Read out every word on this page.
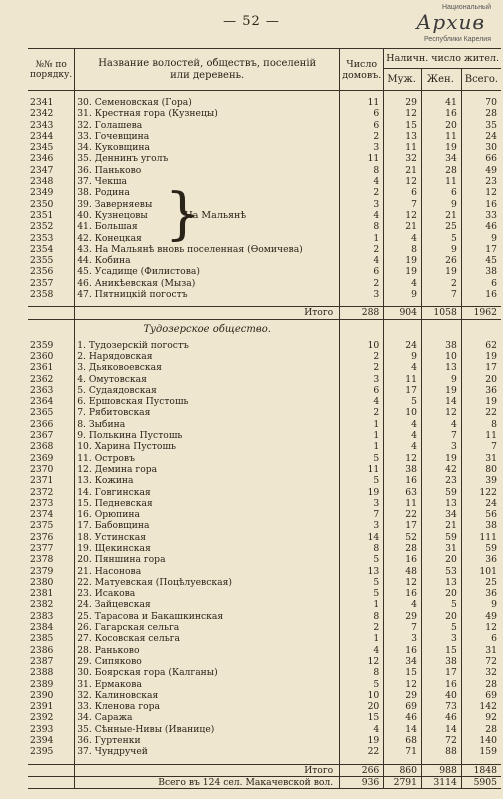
— 52 —
Национальный
Архив
Республики Карелия
№№ по порядку.	Название волостей, обществъ, поселеній или деревень.	Число домовъ.	Наличн. число жител.		
			Муж.	Жен.	Всего.

2341	30. Семеновская (Гора)	11	29	41	70
2342	31. Крестная гора (Кузнецы)	6	12	16	28
2343	32. Голашева	6	15	20	35
2344	33. Гочевщина	2	13	11	24
2345	34. Куковщина	3	11	19	30
2346	35. Деннинъ уголъ	11	32	34	66
2347	36. Паньково	8	21	28	49
2348	37. Чекша	4	12	11	23
2349	38. Родина	2	6	6	12
2350	39. Заверняевы	3	7	9	16
2351	40. Кузнецовы	4	12	21	33
2352	41. Большая	8	21	25	46
2353	42. Конецкая	1	4	5	9
2354	43. На Мальянѣ вновь поселенная (Ѳомичева)	2	8	9	17
2355	44. Кобина	4	19	26	45
2356	45. Усадище (Филистова)	6	19	19	38
2357	46. Аникѣевская (Мыза)	2	4	2	6
2358	47. Пятницкій погостъ	3	9	7	16

	Итого	288	904	1058	1962
	Тудозерское общество.				
2359	1. Тудозерскій погостъ	10	24	38	62
2360	2. Нарядовская	2	9	10	19
2361	3. Дьяковоевская	2	4	13	17
2362	4. Омутовская	3	11	9	20
2363	5. Судаядовская	6	17	19	36
2364	6. Ершовская Пустошь	4	5	14	19
2365	7. Рябитовская	2	10	12	22
2366	8. Зыбина	1	4	4	8
2367	9. Полькина Пустошь	1	4	7	11
2368	10. Харина Пустошь	1	4	3	7
2369	11. Островъ	5	12	19	31
2370	12. Демина гора	11	38	42	80
2371	13. Кожина	5	16	23	39
2372	14. Говгинская	19	63	59	122
2373	15. Педневская	3	11	13	24
2374	16. Орюпина	7	22	34	56
2375	17. Бабовщина	3	17	21	38
2376	18. Устинская	14	52	59	111
2377	19. Щекинская	8	28	31	59
2378	20. Пяншина гора	5	16	20	36
2379	21. Насонова	13	48	53	101
2380	22. Матуевская (Поцѣлуевская)	5	12	13	25
2381	23. Исакова	5	16	20	36
2382	24. Зайцевская	1	4	5	9
2383	25. Тарасова и Бакашкинская	8	29	20	49
2384	26. Гагарская сельга	2	7	5	12
2385	27. Косовская сельга	1	3	3	6
2386	28. Раньково	4	16	15	31
2387	29. Сипяково	12	34	38	72
2388	30. Боярская гора (Калганы)	8	15	17	32
2389	31. Ермакова	5	12	16	28
2390	32. Калиновская	10	29	40	69
2391	33. Кленова гора	20	69	73	142
2392	34. Саража	15	46	46	92
2393	35. Сѣнные-Нивы (Иванице)	4	14	14	28
2394	36. Гуртенки	19	68	72	140
2395	37. Чундручей	22	71	88	159

	Итого	266	860	988	1848
	Всего въ 124 сел. Макачевской вол.	936	2791	3114	5905
}
На Мальянѣ
